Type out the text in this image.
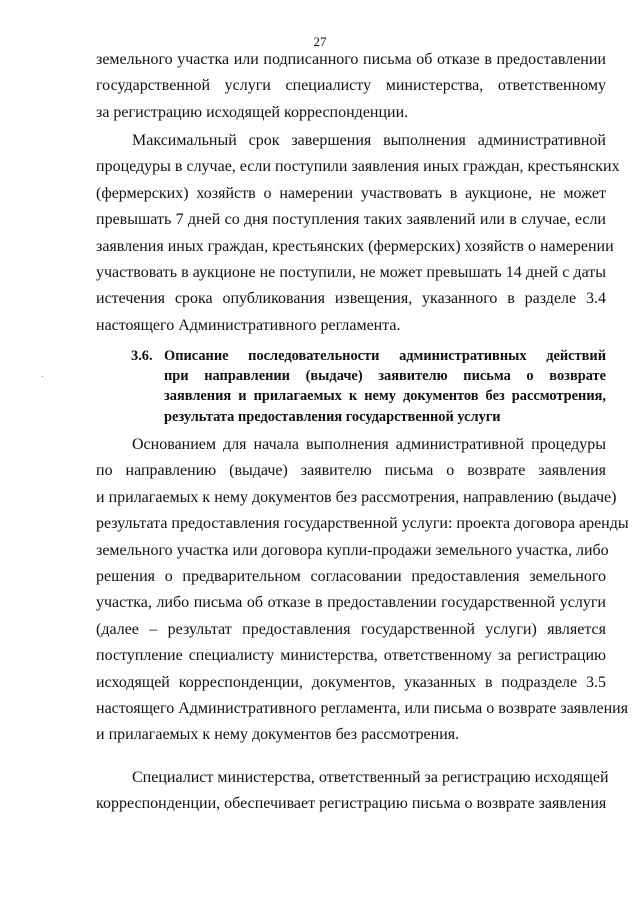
27
земельного участка или подписанного письма об отказе в предоставлении
государственной услуги специалисту министерства, ответственному
за регистрацию исходящей корреспонденции.
Максимальный срок завершения выполнения административной
процедуры в случае, если поступили заявления иных граждан, крестьянских
(фермерских) хозяйств о намерении участвовать в аукционе, не может
превышать 7 дней со дня поступления таких заявлений или в случае, если
заявления иных граждан, крестьянских (фермерских) хозяйств о намерении
участвовать в аукционе не поступили, не может превышать 14 дней с даты
истечения срока опубликования извещения, указанного в разделе 3.4
настоящего Административного регламента.
3.6. Описание последовательности административных действий
при направлении (выдаче) заявителю письма о возврате
заявления и прилагаемых к нему документов без рассмотрения,
результата предоставления государственной услуги
Основанием для начала выполнения административной процедуры
по направлению (выдаче) заявителю письма о возврате заявления
и прилагаемых к нему документов без рассмотрения, направлению (выдаче)
результата предоставления государственной услуги: проекта договора аренды
земельного участка или договора купли-продажи земельного участка, либо
решения о предварительном согласовании предоставления земельного
участка, либо письма об отказе в предоставлении государственной услуги
(далее – результат предоставления государственной услуги) является
поступление специалисту министерства, ответственному за регистрацию
исходящей корреспонденции, документов, указанных в подразделе 3.5
настоящего Административного регламента, или письма о возврате заявления
и прилагаемых к нему документов без рассмотрения.
Специалист министерства, ответственный за регистрацию исходящей
корреспонденции, обеспечивает регистрацию письма о возврате заявления
